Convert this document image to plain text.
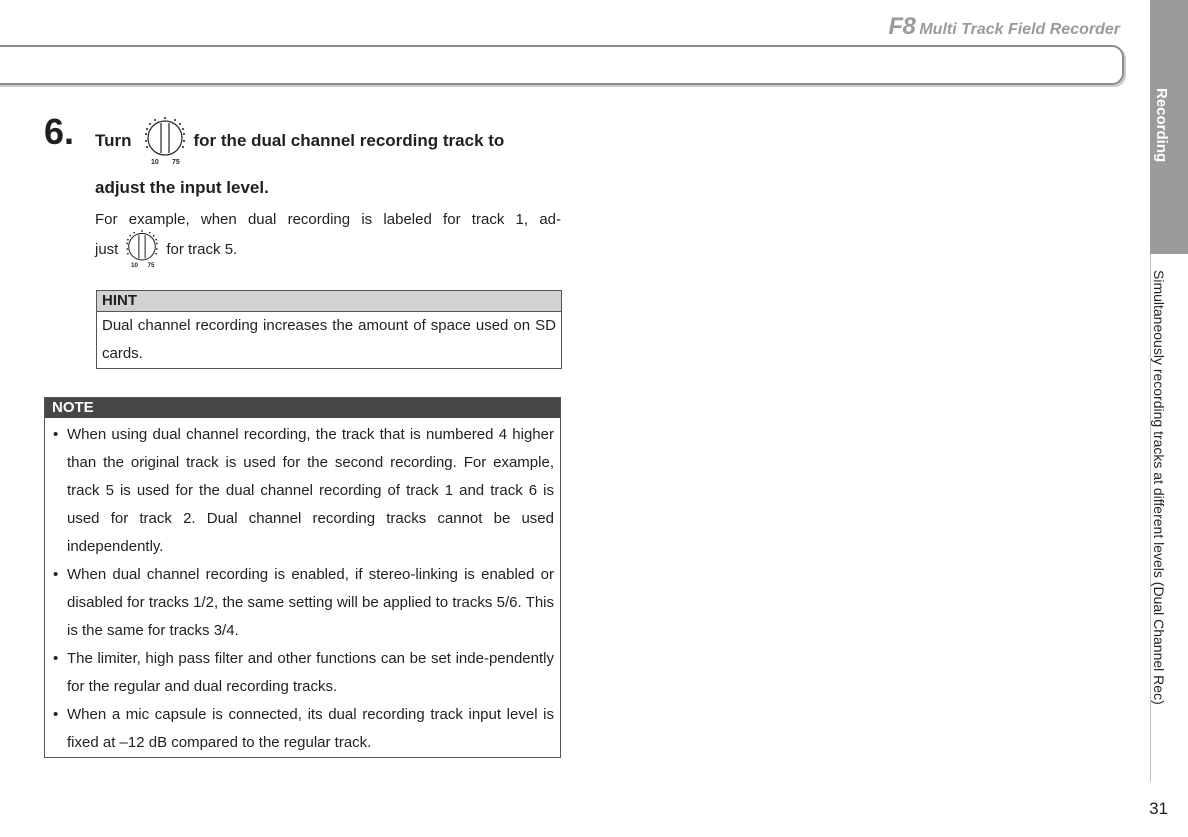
F8 Multi Track Field Recorder
Recording
Simultaneously recording tracks at different levels (Dual Channel Rec)
31
6. Turn
10 75
for the dual channel recording track to
adjust the input level.
For example, when dual recording is labeled for track 1, ad-
just
10 75
for track 5.
HINT
Dual channel recording increases the amount of space used on SD cards.
NOTE
• When using dual channel recording, the track that is numbered 4 higher than the original track is used for the second recording. For example, track 5 is used for the dual channel recording of track 1 and track 6 is used for track 2. Dual channel recording tracks cannot be used independently.
• When dual channel recording is enabled, if stereo-linking is enabled or disabled for tracks 1/2, the same setting will be applied to tracks 5/6. This is the same for tracks 3/4.
• The limiter, high pass filter and other functions can be set inde-pendently for the regular and dual recording tracks.
• When a mic capsule is connected, its dual recording track input level is fixed at –12 dB compared to the regular track.
